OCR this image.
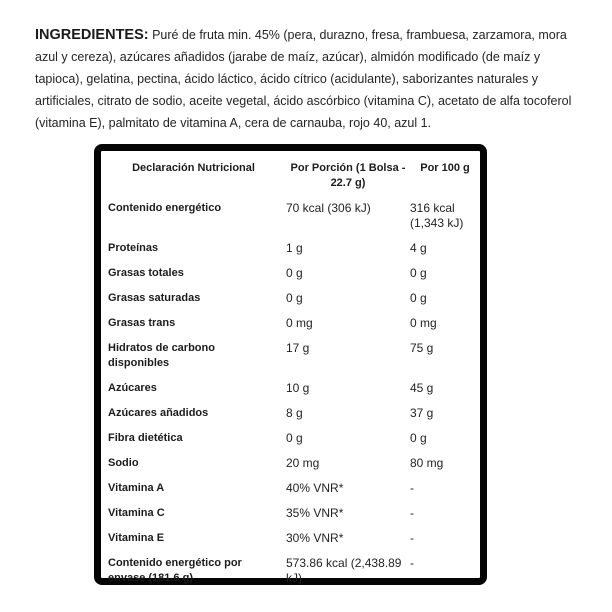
INGREDIENTES: Puré de fruta min. 45% (pera, durazno, fresa, frambuesa, zarzamora, mora azul y cereza), azúcares añadidos (jarabe de maíz, azúcar), almidón modificado (de maíz y tapioca), gelatina, pectina, ácido láctico, ácido cítrico (acidulante), saborizantes naturales y artificiales, citrato de sodio, aceite vegetal, ácido ascórbico (vitamina C), acetato de alfa tocoferol (vitamina E), palmitato de vitamina A, cera de carnauba, rojo 40, azul 1.

Declaración Nutricional	Por Porción (1 Bolsa - 22.7 g)	Por 100 g
Contenido energético	70 kcal (306 kJ)	316 kcal (1,343 kJ)
Proteínas	1 g	4 g
Grasas totales	0 g	0 g
Grasas saturadas	0 g	0 g
Grasas trans	0 mg	0 mg
Hidratos de carbono disponibles	17 g	75 g
Azúcares	10 g	45 g
Azúcares añadidos	8 g	37 g
Fibra dietética	0 g	0 g
Sodio	20 mg	80 mg
Vitamina A	40% VNR*	-
Vitamina C	35% VNR*	-
Vitamina E	30% VNR*	-
Contenido energético por envase (181.6 g)	573.86 kcal (2,438.89 kJ)	-
